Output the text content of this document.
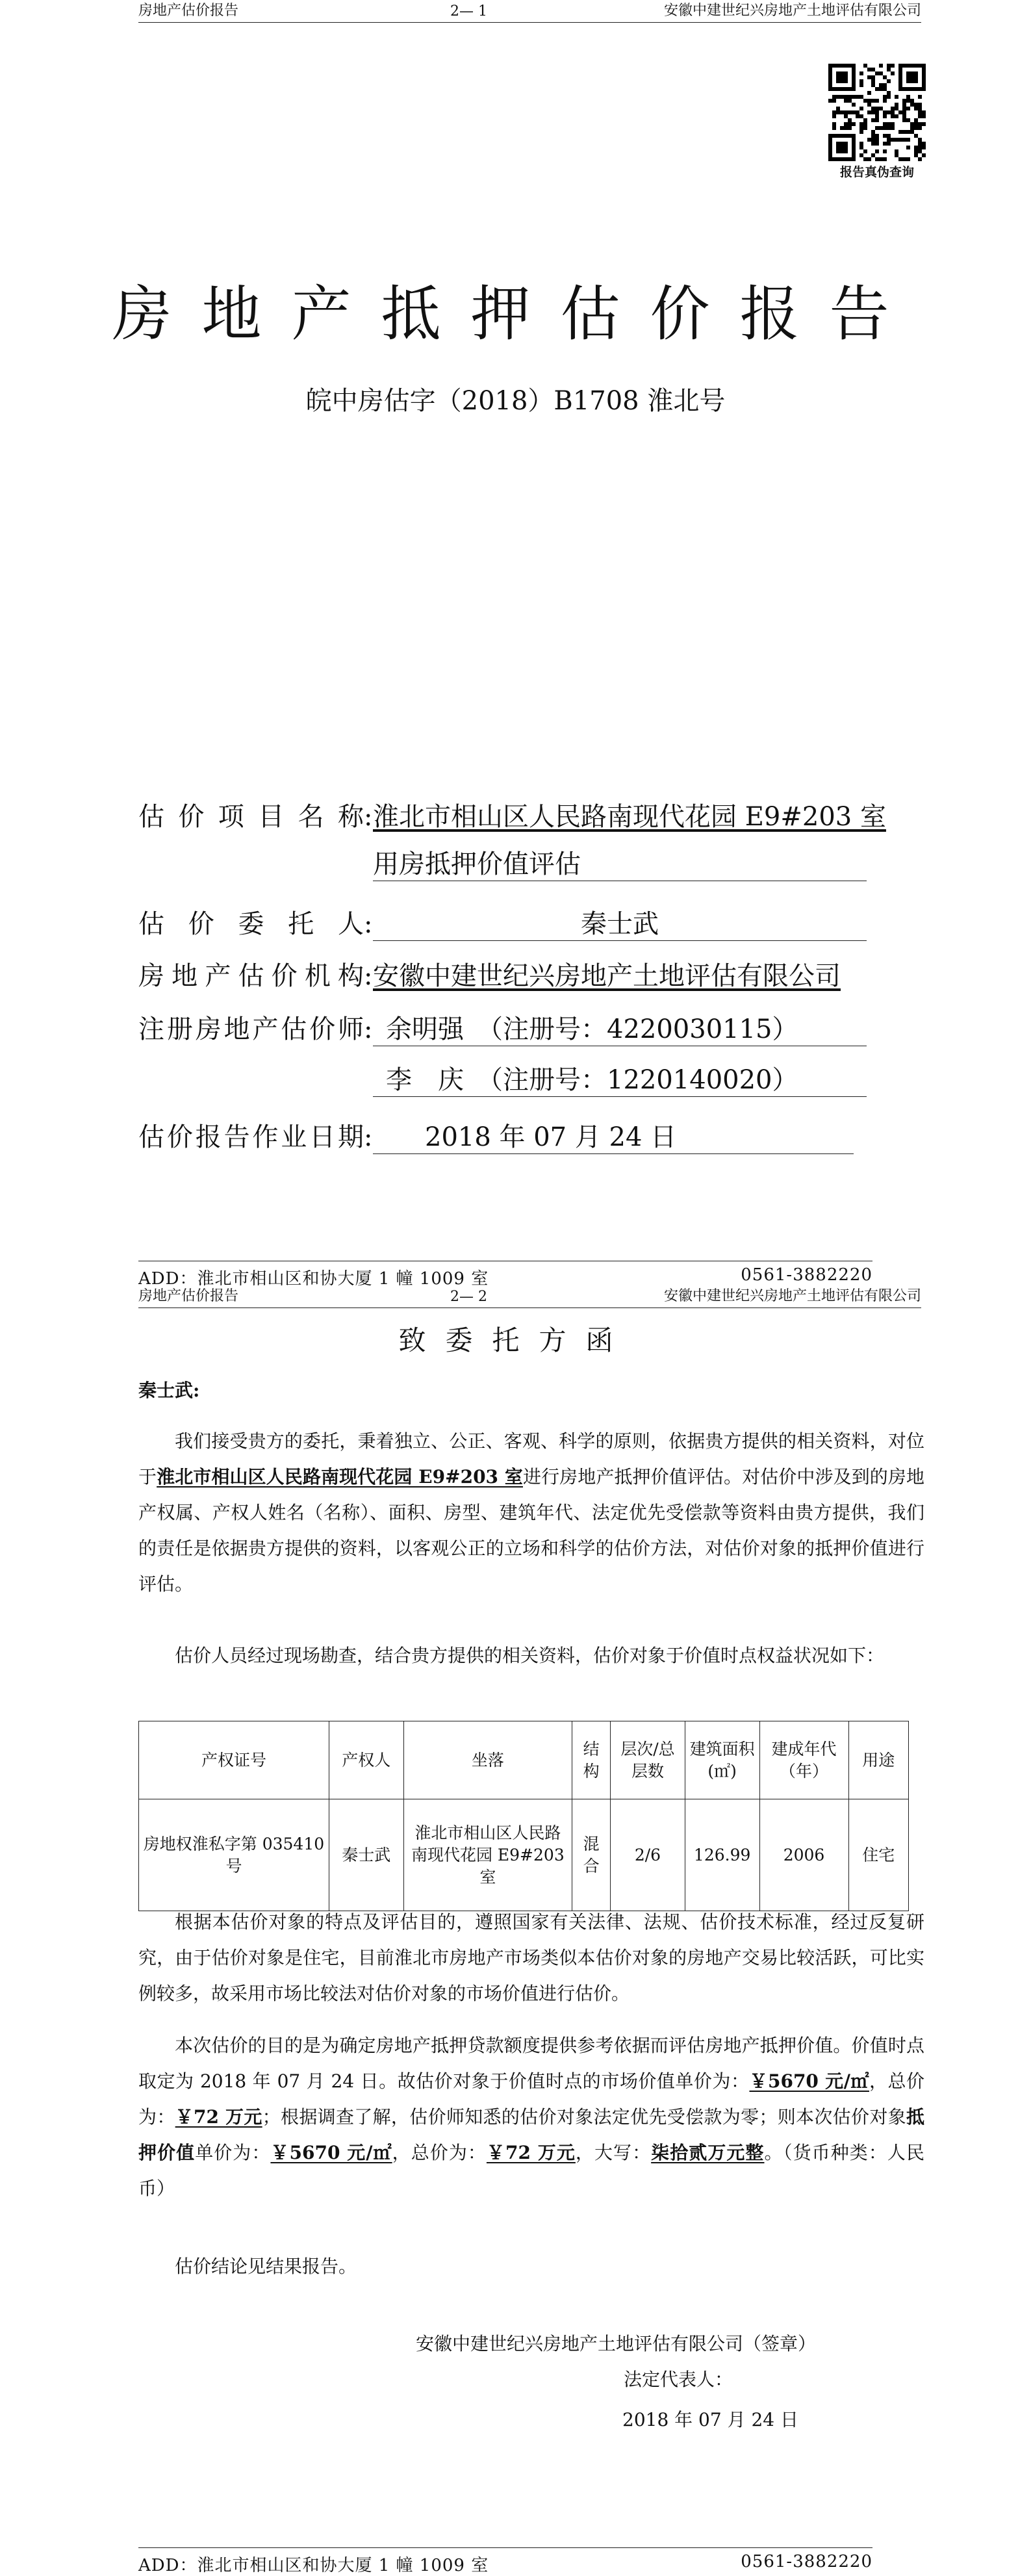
房地产估价报告	2— 1	安徽中建世纪兴房地产土地评估有限公司
报告真伪查询
房地产抵押估价报告
皖中房估字（2018）B1708 淮北号
估价项目名称 : 淮北市相山区人民路南现代花园 E9#203 室
用房抵押价值评估
估价委托人 :	秦士武
房地产估价机构 : 安徽中建世纪兴房地产土地评估有限公司
注册房地产估价师 : 余明强　（注册号：4220030115）
李　庆　（注册号：1220140020）
估价报告作业日期 :	2018 年 07 月 24 日
ADD：淮北市相山区和协大厦 1 幢 1009 室	0561-3882220
房地产估价报告	2— 2	安徽中建世纪兴房地产土地评估有限公司
致委托方函
秦士武:
我们接受贵方的委托，秉着独立、公正、客观、科学的原则，依据贵方提供的相关资料，对位于淮北市相山区人民路南现代花园 E9#203 室进行房地产抵押价值评估。对估价中涉及到的房地产权属、产权人姓名（名称）、面积、房型、建筑年代、法定优先受偿款等资料由贵方提供，我们的责任是依据贵方提供的资料，以客观公正的立场和科学的估价方法，对估价对象的抵押价值进行评估。
估价人员经过现场勘查，结合贵方提供的相关资料，估价对象于价值时点权益状况如下：
产权证号	产权人	坐落	结构	层次/总层数	建筑面积(㎡)	建成年代（年）	用途
房地权淮私字第 035410 号	秦士武	淮北市相山区人民路南现代花园 E9#203 室	混合	2/6	126.99	2006	住宅
根据本估价对象的特点及评估目的，遵照国家有关法律、法规、估价技术标准，经过反复研究，由于估价对象是住宅，目前淮北市房地产市场类似本估价对象的房地产交易比较活跃，可比实例较多，故采用市场比较法对估价对象的市场价值进行估价。
本次估价的目的是为确定房地产抵押贷款额度提供参考依据而评估房地产抵押价值。价值时点取定为 2018 年 07 月 24 日。故估价对象于价值时点的市场价值单价为：￥5670 元/㎡，总价为：￥72 万元；根据调查了解，估价师知悉的估价对象法定优先受偿款为零；则本次估价对象抵押价值单价为：￥5670 元/㎡，总价为：￥72 万元，大写：柒拾贰万元整。（货币种类：人民币）
估价结论见结果报告。
安徽中建世纪兴房地产土地评估有限公司（签章）
法定代表人：
2018 年 07 月 24 日
ADD：淮北市相山区和协大厦 1 幢 1009 室	0561-3882220
